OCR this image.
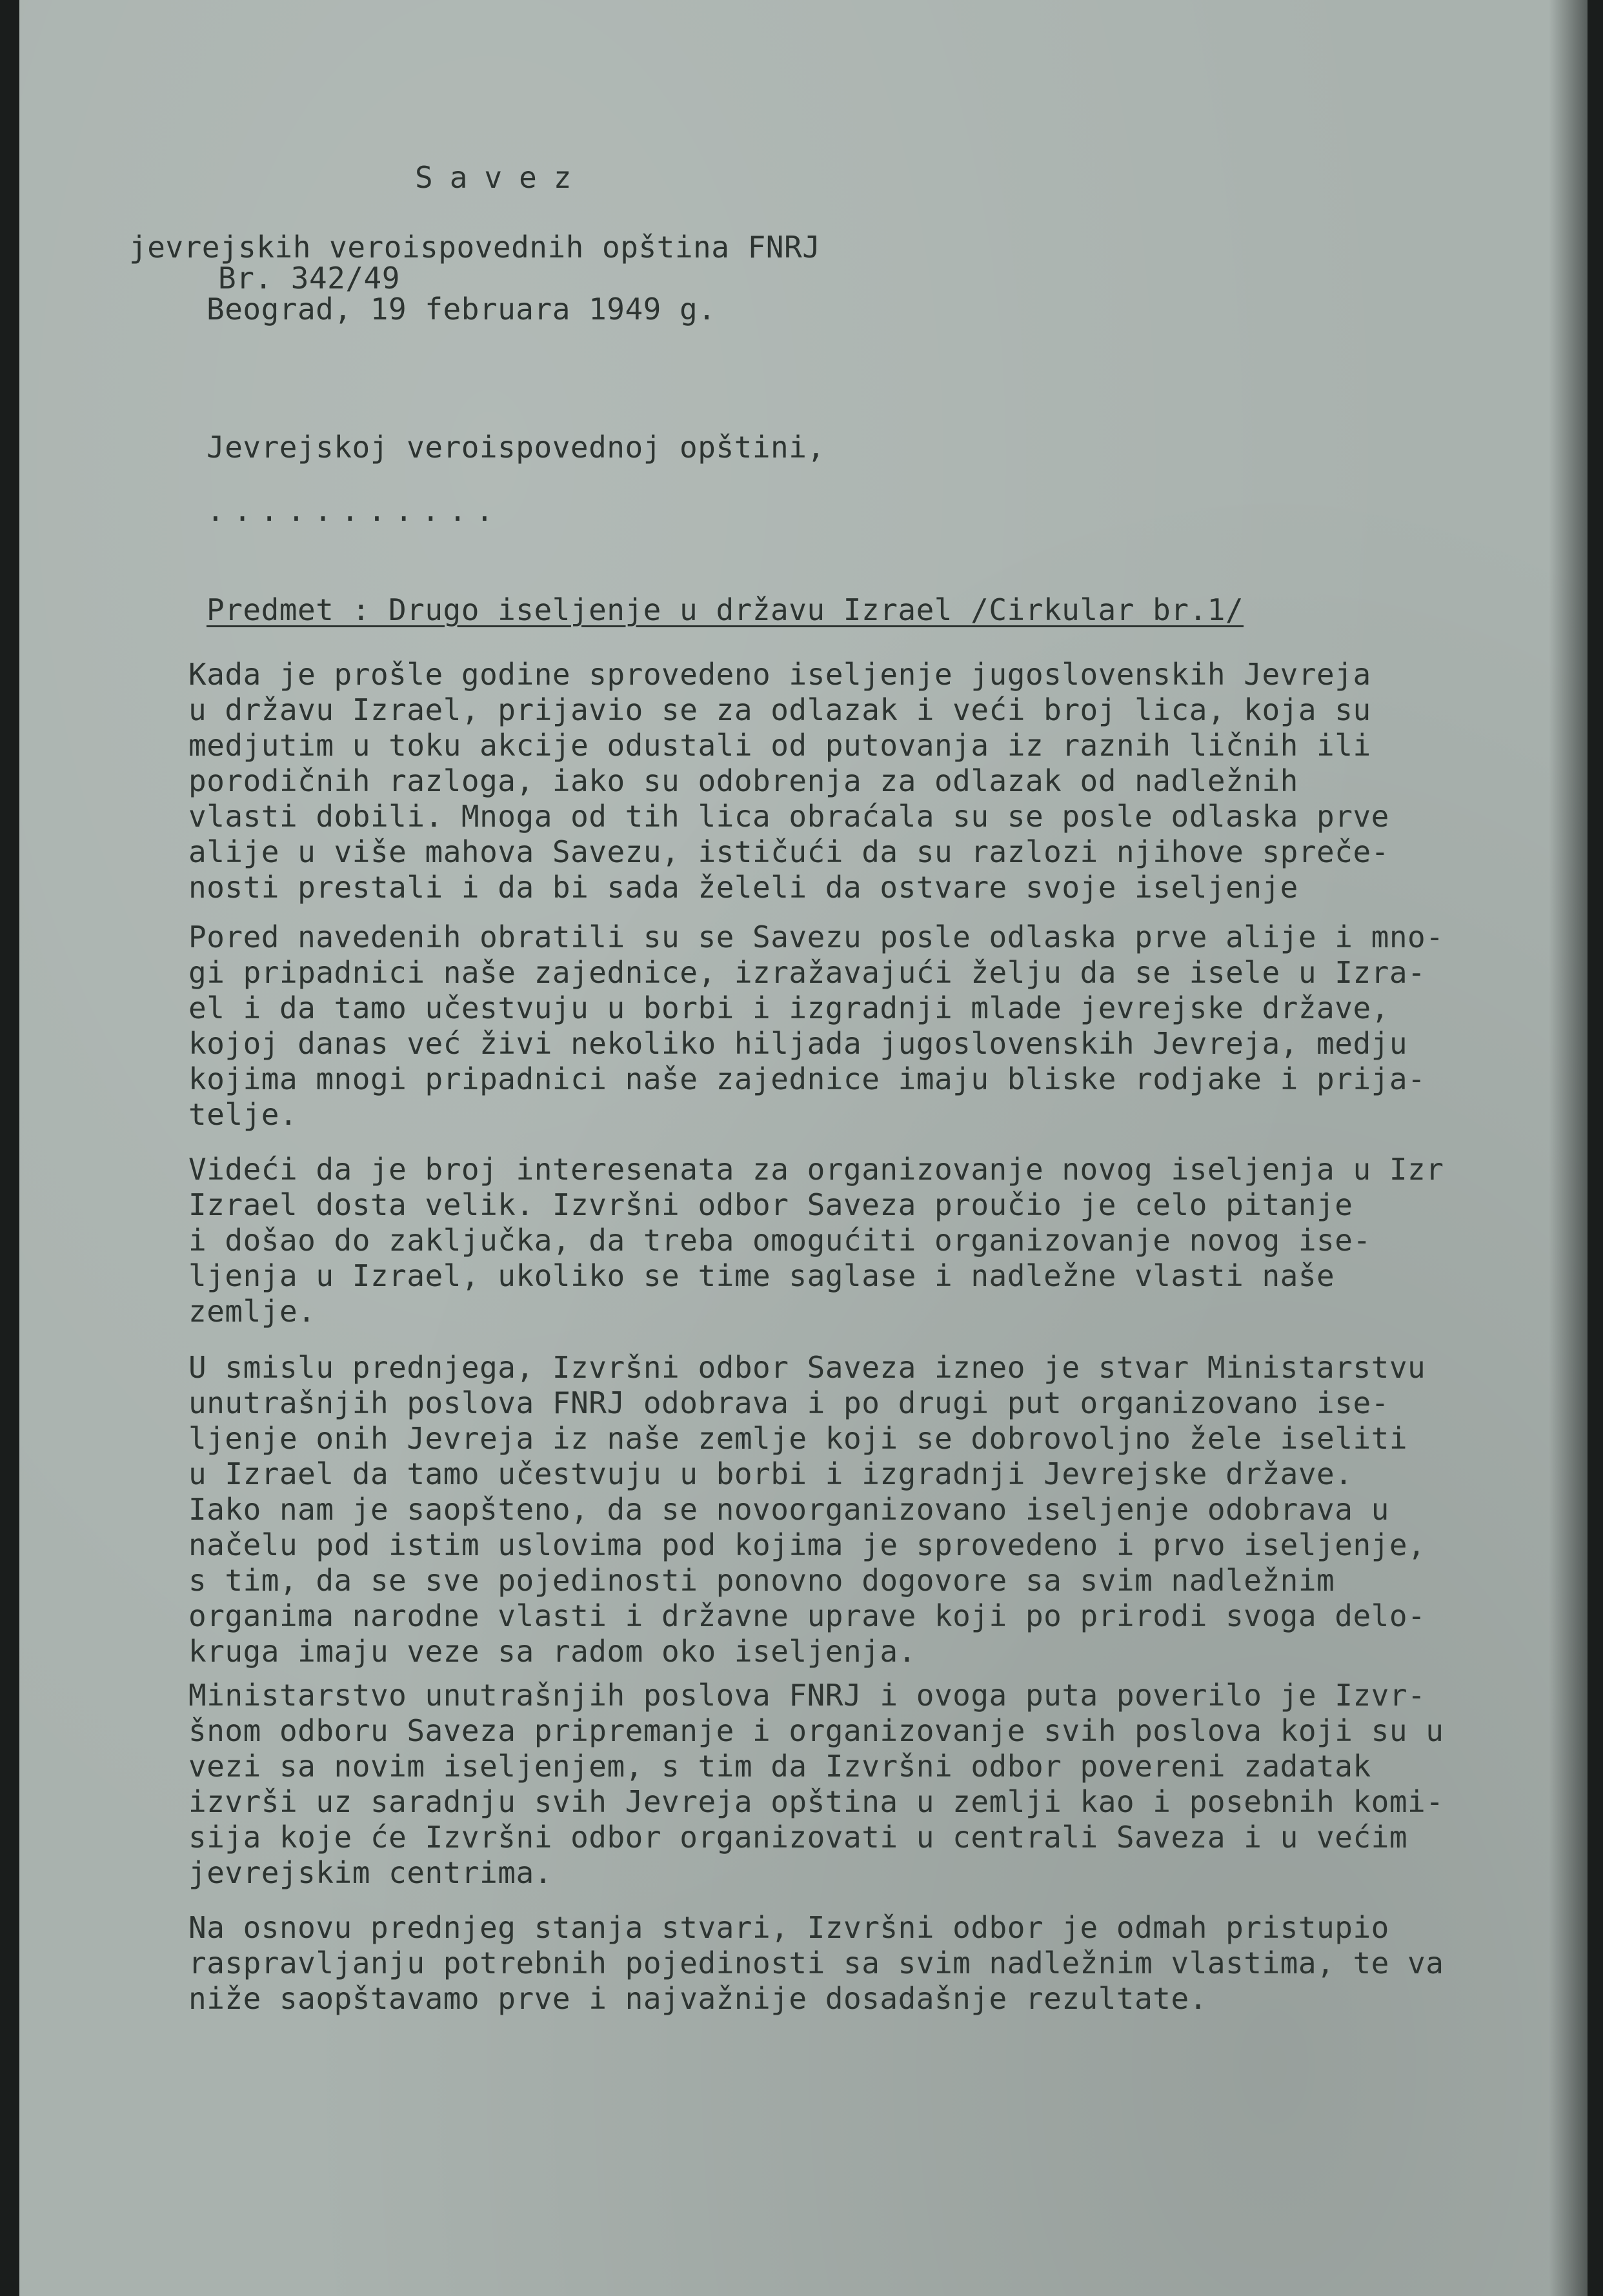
Savez
jevrejskih veroispovednih opština FNRJ
Br. 342/49
Beograd, 19 februara 1949 g.
Jevrejskoj veroispovednoj opštini,
...........
Predmet : Drugo iseljenje u državu Izrael /Cirkular br.1/
Kada je prošle godine sprovedeno iseljenje jugoslovenskih Jevreja
u državu Izrael, prijavio se za odlazak i veći broj lica, koja su
medjutim u toku akcije odustali od putovanja iz raznih ličnih ili
porodičnih razloga, iako su odobrenja za odlazak od nadležnih
vlasti dobili. Mnoga od tih lica obraćala su se posle odlaska prve
alije u više mahova Savezu, ističući da su razlozi njihove sprečе-
nosti prestali i da bi sada želeli da ostvare svoje iseljenje
Pored navedenih obratili su se Savezu posle odlaska prve alije i mno-
gi pripadnici naše zajednice, izražavajući želju da se isele u Izra-
el i da tamo učestvuju u borbi i izgradnji mlade jevrejske države,
kojoj danas već živi nekoliko hiljada jugoslovenskih Jevreja, medju
kojima mnogi pripadnici naše zajednice imaju bliske rodjake i prija-
telje.
Videći da je broj interesenata za organizovanje novog iseljenja u Izr
Izrael dosta velik. Izvršni odbor Saveza proučio je celo pitanje
i došao do zaključka, da treba omogućiti organizovanje novog ise-
ljenja u Izrael, ukoliko se time saglase i nadležne vlasti naše
zemlje.
U smislu prednjega, Izvršni odbor Saveza izneo je stvar Ministarstvu
unutrašnjih poslova FNRJ odobrava i po drugi put organizovano ise-
ljenje onih Jevreja iz naše zemlje koji se dobrovoljno žele iseliti
u Izrael da tamo učestvuju u borbi i izgradnji Jevrejske države.
Iako nam je saopšteno, da se novoorganizovano iseljenje odobrava u
načelu pod istim uslovima pod kojima je sprovedeno i prvo iseljenje,
s tim, da se sve pojedinosti ponovno dogovore sa svim nadležnim
organima narodne vlasti i državne uprave koji po prirodi svoga delo-
kruga imaju veze sa radom oko iseljenja.
Ministarstvo unutrašnjih poslova FNRJ i ovoga puta poverilo je Izvr-
šnom odboru Saveza pripremanje i organizovanje svih poslova koji su u
vezi sa novim iseljenjem, s tim da Izvršni odbor povereni zadatak
izvrši uz saradnju svih Jevreja opština u zemlji kao i posebnih komi-
sija koje će Izvršni odbor organizovati u centrali Saveza i u većim
jevrejskim centrima.
Na osnovu prednjeg stanja stvari, Izvršni odbor je odmah pristupio
raspravljanju potrebnih pojedinosti sa svim nadležnim vlastima, te va
niže saopštavamo prve i najvažnije dosadašnje rezultate.
